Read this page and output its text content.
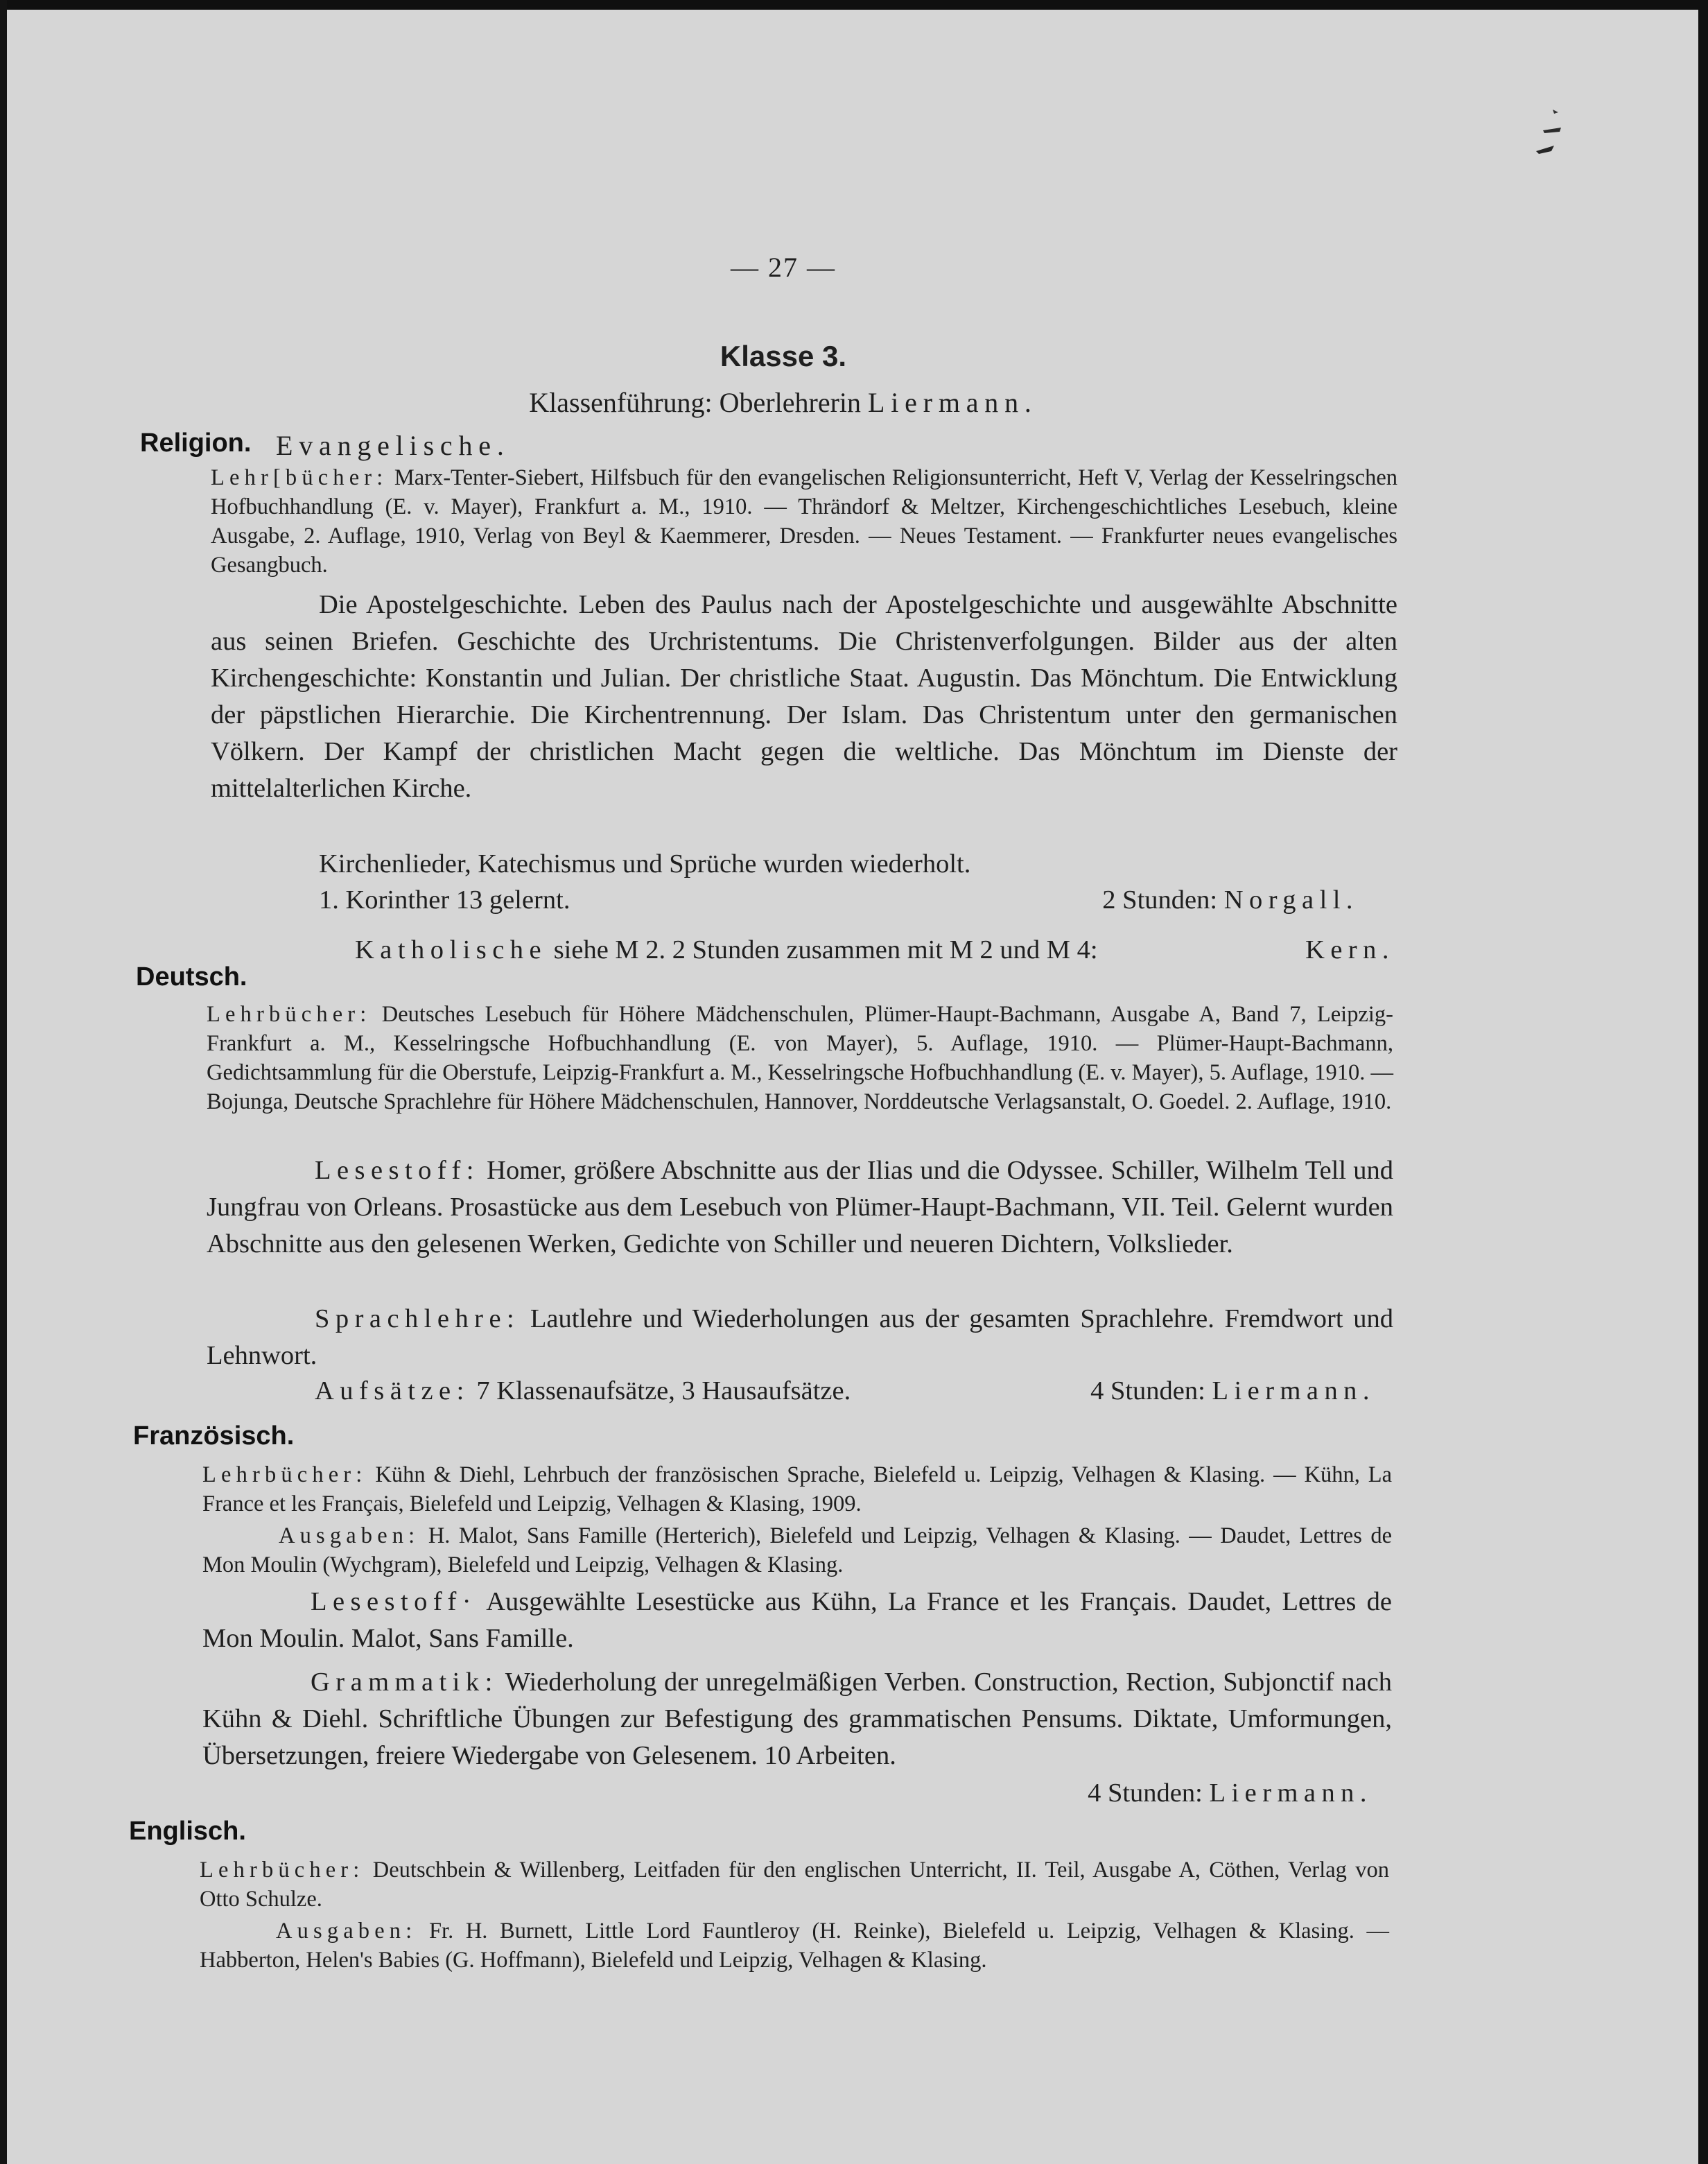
— 27 —
Klasse 3.
Klassenführung: Oberlehrerin Liermann.
Religion. Evangelische.
Lehr[bücher: Marx-Tenter-Siebert, Hilfsbuch für den evangelischen Religionsunterricht, Heft V, Verlag der Kesselringschen Hofbuchhandlung (E. v. Mayer), Frankfurt a. M., 1910. — Thrändorf & Meltzer, Kirchengeschichtliches Lesebuch, kleine Ausgabe, 2. Auflage, 1910, Verlag von Beyl & Kaemmerer, Dresden. — Neues Testament. — Frankfurter neues evangelisches Gesangbuch.
Die Apostelgeschichte. Leben des Paulus nach der Apostelgeschichte und ausgewählte Abschnitte aus seinen Briefen. Geschichte des Urchristentums. Die Christenverfolgungen. Bilder aus der alten Kirchengeschichte: Konstantin und Julian. Der christliche Staat. Augustin. Das Mönchtum. Die Entwicklung der päpstlichen Hierarchie. Die Kirchentrennung. Der Islam. Das Christentum unter den germanischen Völkern. Der Kampf der christlichen Macht gegen die weltliche. Das Mönchtum im Dienste der mittelalterlichen Kirche.
Kirchenlieder, Katechismus und Sprüche wurden wiederholt.
1. Korinther 13 gelernt.	2 Stunden: Norgall.
Katholische siehe M 2. 2 Stunden zusammen mit M 2 und M 4:	Kern.
Deutsch.
Lehrbücher: Deutsches Lesebuch für Höhere Mädchenschulen, Plümer-Haupt-Bachmann, Ausgabe A, Band 7, Leipzig-Frankfurt a. M., Kesselringsche Hofbuchhandlung (E. von Mayer), 5. Auflage, 1910. — Plümer-Haupt-Bachmann, Gedichtsammlung für die Oberstufe, Leipzig-Frankfurt a. M., Kesselringsche Hofbuchhandlung (E. v. Mayer), 5. Auflage, 1910. — Bojunga, Deutsche Sprachlehre für Höhere Mädchenschulen, Hannover, Norddeutsche Verlagsanstalt, O. Goedel. 2. Auflage, 1910.
Lesestoff: Homer, größere Abschnitte aus der Ilias und die Odyssee. Schiller, Wilhelm Tell und Jungfrau von Orleans. Prosastücke aus dem Lesebuch von Plümer-Haupt-Bachmann, VII. Teil. Gelernt wurden Abschnitte aus den gelesenen Werken, Gedichte von Schiller und neueren Dichtern, Volkslieder.
Sprachlehre: Lautlehre und Wiederholungen aus der gesamten Sprachlehre. Fremdwort und Lehnwort.
Aufsätze: 7 Klassenaufsätze, 3 Hausaufsätze.	4 Stunden: Liermann.
Französisch.
Lehrbücher: Kühn & Diehl, Lehrbuch der französischen Sprache, Bielefeld u. Leipzig, Velhagen & Klasing. — Kühn, La France et les Français, Bielefeld und Leipzig, Velhagen & Klasing, 1909.
Ausgaben: H. Malot, Sans Famille (Herterich), Bielefeld und Leipzig, Velhagen & Klasing. — Daudet, Lettres de Mon Moulin (Wychgram), Bielefeld und Leipzig, Velhagen & Klasing.
Lesestoff· Ausgewählte Lesestücke aus Kühn, La France et les Français. Daudet, Lettres de Mon Moulin. Malot, Sans Famille.
Grammatik: Wiederholung der unregelmäßigen Verben. Construction, Rection, Subjonctif nach Kühn & Diehl. Schriftliche Übungen zur Befestigung des grammatischen Pensums. Diktate, Umformungen, Übersetzungen, freiere Wiedergabe von Gelesenem. 10 Arbeiten.
4 Stunden: Liermann.
Englisch.
Lehrbücher: Deutschbein & Willenberg, Leitfaden für den englischen Unterricht, II. Teil, Ausgabe A, Cöthen, Verlag von Otto Schulze.
Ausgaben: Fr. H. Burnett, Little Lord Fauntleroy (H. Reinke), Bielefeld u. Leipzig, Velhagen & Klasing. — Habberton, Helen's Babies (G. Hoffmann), Bielefeld und Leipzig, Velhagen & Klasing.
